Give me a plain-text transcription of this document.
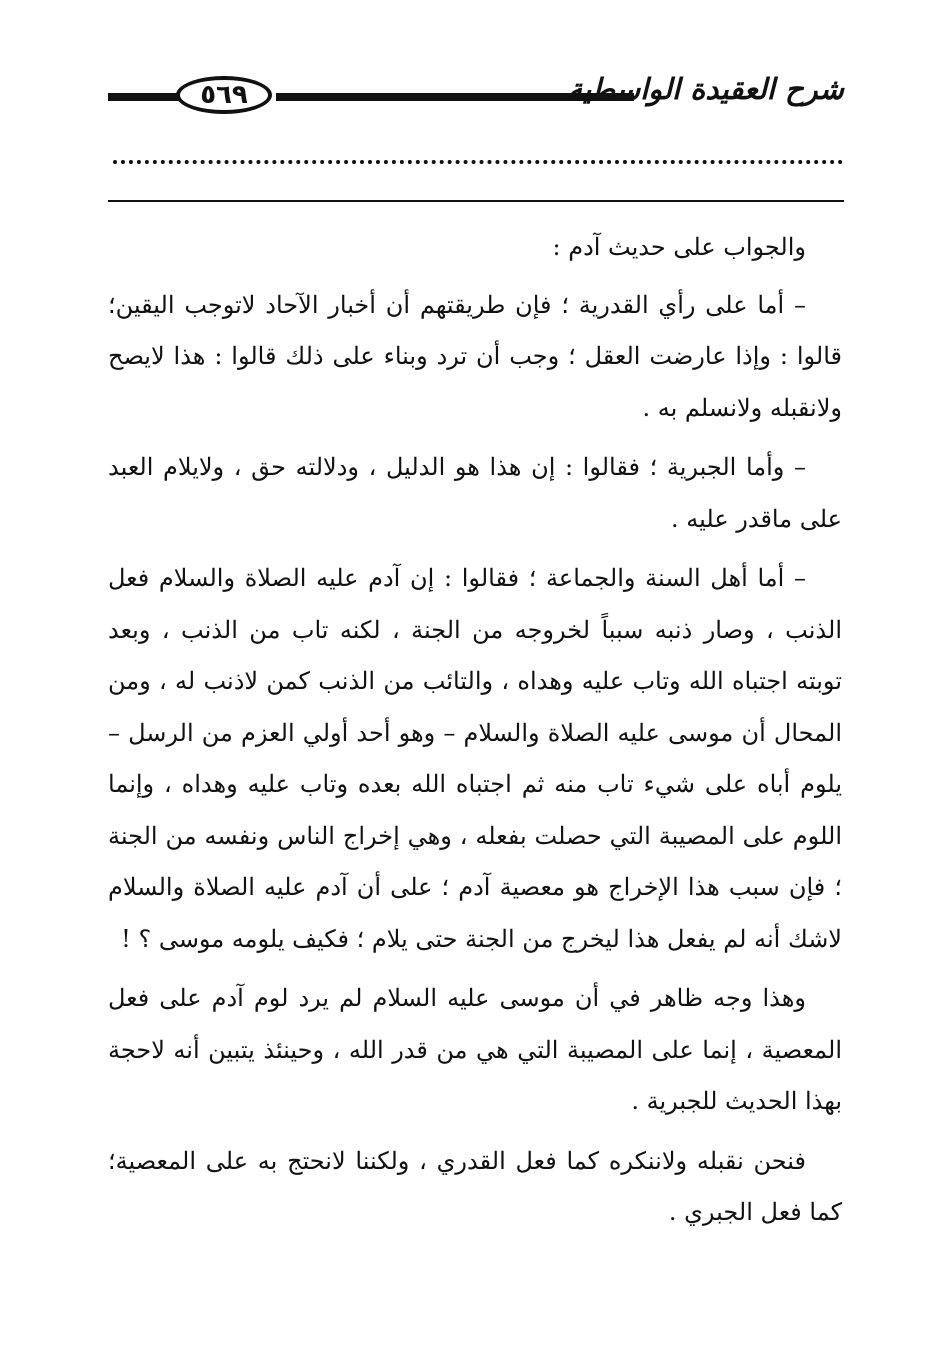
٥٦٩	شرح العقيدة الواسطية

والجواب على حديث آدم :

– أما على رأي القدرية ؛ فإن طريقتهم أن أخبار الآحاد لاتوجب اليقين؛ قالوا : وإذا عارضت العقل ؛ وجب أن ترد وبناء على ذلك قالوا : هذا لايصح ولانقبله ولانسلم به .

– وأما الجبرية ؛ فقالوا : إن هذا هو الدليل ، ودلالته حق ، ولايلام العبد على ماقدر عليه .

– أما أهل السنة والجماعة ؛ فقالوا : إن آدم عليه الصلاة والسلام فعل الذنب ، وصار ذنبه سبباً لخروجه من الجنة ، لكنه تاب من الذنب ، وبعد توبته اجتباه الله وتاب عليه وهداه ، والتائب من الذنب كمن لاذنب له ، ومن المحال أن موسى عليه الصلاة والسلام – وهو أحد أولي العزم من الرسل – يلوم أباه على شيء تاب منه ثم اجتباه الله بعده وتاب عليه وهداه ، وإنما اللوم على المصيبة التي حصلت بفعله ، وهي إخراج الناس ونفسه من الجنة ؛ فإن سبب هذا الإخراج هو معصية آدم ؛ على أن آدم عليه الصلاة والسلام لاشك أنه لم يفعل هذا ليخرج من الجنة حتى يلام ؛ فكيف يلومه موسى ؟ !

وهذا وجه ظاهر في أن موسى عليه السلام لم يرد لوم آدم على فعل المعصية ، إنما على المصيبة التي هي من قدر الله ، وحينئذ يتبين أنه لاحجة بهذا الحديث للجبرية .

فنحن نقبله ولاننكره كما فعل القدري ، ولكننا لانحتج به على المعصية؛ كما فعل الجبري .
